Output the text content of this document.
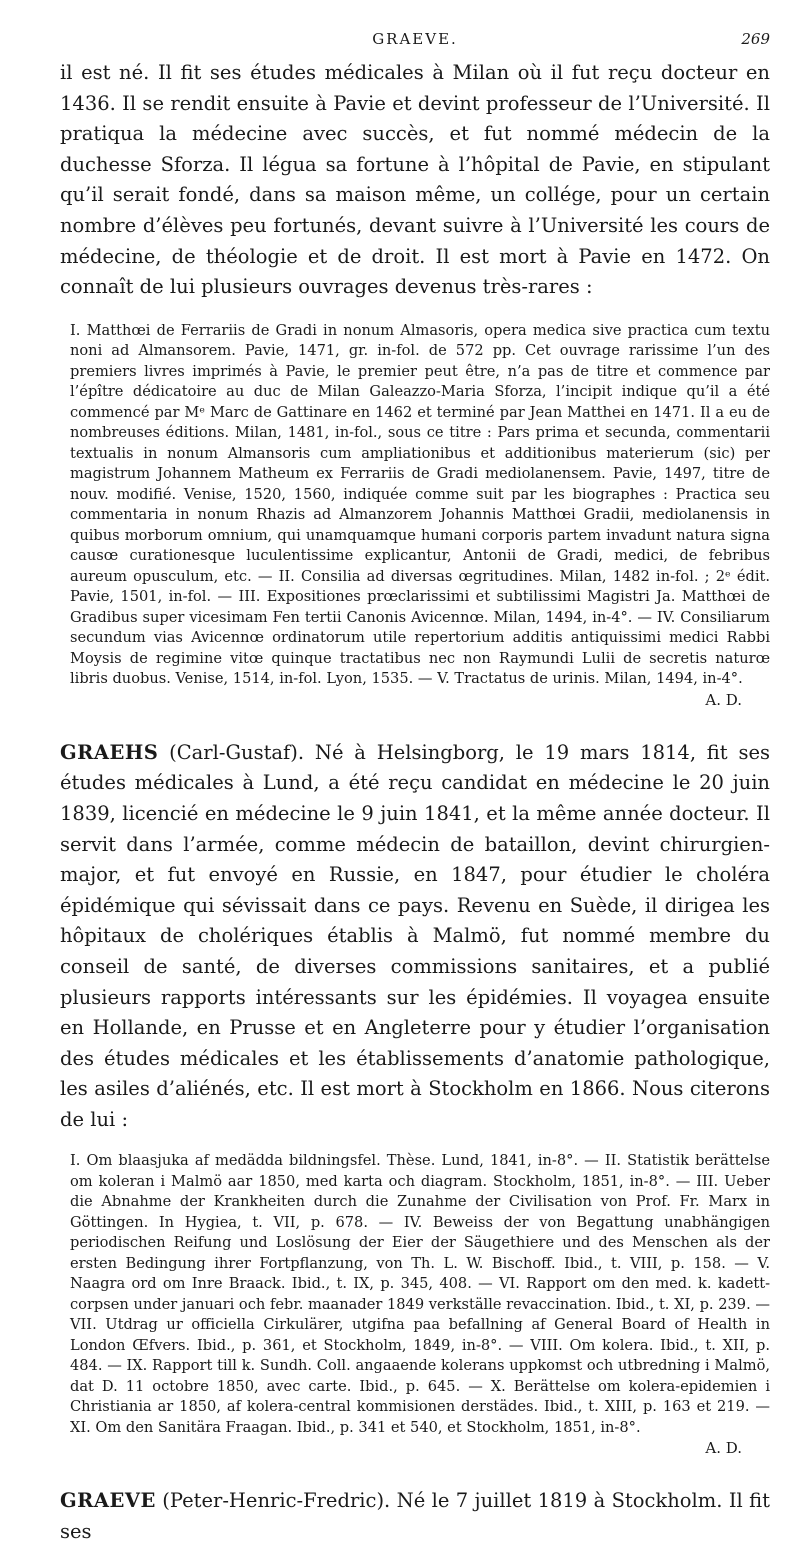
GRAEVE.	269

il est né. Il fit ses études médicales à Milan où il fut reçu docteur en 1436. Il se rendit ensuite à Pavie et devint professeur de l’Université. Il pratiqua la médecine avec succès, et fut nommé médecin de la duchesse Sforza. Il légua sa fortune à l’hôpital de Pavie, en stipulant qu’il serait fondé, dans sa maison même, un collége, pour un certain nombre d’élèves peu fortunés, devant suivre à l’Université les cours de médecine, de théologie et de droit. Il est mort à Pavie en 1472. On connaît de lui plusieurs ouvrages devenus très-rares :

I. Matthœi de Ferrariis de Gradi in nonum Almasoris, opera medica sive practica cum textu noni ad Almansorem. Pavie, 1471, gr. in-fol. de 572 pp. Cet ouvrage rarissime l’un des premiers livres imprimés à Pavie, le premier peut être, n’a pas de titre et commence par l’épître dédicatoire au duc de Milan Galeazzo-Maria Sforza, l’incipit indique qu’il a été commencé par Mᵉ Marc de Gattinare en 1462 et terminé par Jean Matthei en 1471. Il a eu de nombreuses éditions. Milan, 1481, in-fol., sous ce titre : Pars prima et secunda, commentarii textualis in nonum Almansoris cum ampliationibus et additionibus materierum (sic) per magistrum Johannem Matheum ex Ferrariis de Gradi mediolanensem. Pavie, 1497, titre de nouv. modifié. Venise, 1520, 1560, indiquée comme suit par les biographes : Practica seu commentaria in nonum Rhazis ad Almanzorem Johannis Matthœi Gradii, mediolanensis in quibus morborum omnium, qui unamquamque humani corporis partem invadunt natura signa causœ curationesque luculentissime explicantur, Antonii de Gradi, medici, de febribus aureum opusculum, etc. — II. Consilia ad diversas œgritudines. Milan, 1482 in-fol. ; 2ᵉ édit. Pavie, 1501, in-fol. — III. Expositiones prœclarissimi et subtilissimi Magistri Ja. Matthœi de Gradibus super vicesimam Fen tertii Canonis Avicennœ. Milan, 1494, in-4°. — IV. Consiliarum secundum vias Avicennœ ordinatorum utile repertorium additis antiquissimi medici Rabbi Moysis de regimine vitœ quinque tractatibus nec non Raymundi Lulii de secretis naturœ libris duobus. Venise, 1514, in-fol. Lyon, 1535. — V. Tractatus de urinis. Milan, 1494, in-4°.

A. D.

GRAEHS (Carl-Gustaf). Né à Helsingborg, le 19 mars 1814, fit ses études médicales à Lund, a été reçu candidat en médecine le 20 juin 1839, licencié en médecine le 9 juin 1841, et la même année docteur. Il servit dans l’armée, comme médecin de bataillon, devint chirurgien-major, et fut envoyé en Russie, en 1847, pour étudier le choléra épidémique qui sévissait dans ce pays. Revenu en Suède, il dirigea les hôpitaux de cholériques établis à Malmö, fut nommé membre du conseil de santé, de diverses commissions sanitaires, et a publié plusieurs rapports intéressants sur les épidémies. Il voyagea ensuite en Hollande, en Prusse et en Angleterre pour y étudier l’organisation des études médicales et les établissements d’anatomie pathologique, les asiles d’aliénés, etc. Il est mort à Stockholm en 1866. Nous citerons de lui :

I. Om blaasjuka af medädda bildningsfel. Thèse. Lund, 1841, in-8°. — II. Statistik berättelse om koleran i Malmö aar 1850, med karta och diagram. Stockholm, 1851, in-8°. — III. Ueber die Abnahme der Krankheiten durch die Zunahme der Civilisation von Prof. Fr. Marx in Göttingen. In Hygiea, t. VII, p. 678. — IV. Beweiss der von Begattung unabhängigen periodischen Reifung und Loslösung der Eier der Säugethiere und des Menschen als der ersten Bedingung ihrer Fortpflanzung, von Th. L. W. Bischoff. Ibid., t. VIII, p. 158. — V. Naagra ord om Inre Braack. Ibid., t. IX, p. 345, 408. — VI. Rapport om den med. k. kadett-corpsen under januari och febr. maanader 1849 verkställe revaccination. Ibid., t. XI, p. 239. — VII. Utdrag ur officiella Cirkulärer, utgifna paa befallning af General Board of Health in London Œfvers. Ibid., p. 361, et Stockholm, 1849, in-8°. — VIII. Om kolera. Ibid., t. XII, p. 484. — IX. Rapport till k. Sundh. Coll. angaaende kolerans uppkomst och utbredning i Malmö, dat D. 11 octobre 1850, avec carte. Ibid., p. 645. — X. Berättelse om kolera-epidemien i Christiania ar 1850, af kolera-central kommisionen derstädes. Ibid., t. XIII, p. 163 et 219. — XI. Om den Sanitära Fraagan. Ibid., p. 341 et 540, et Stockholm, 1851, in-8°.

A. D.

GRAEVE (Peter-Henric-Fredric). Né le 7 juillet 1819 à Stockholm. Il fit ses
